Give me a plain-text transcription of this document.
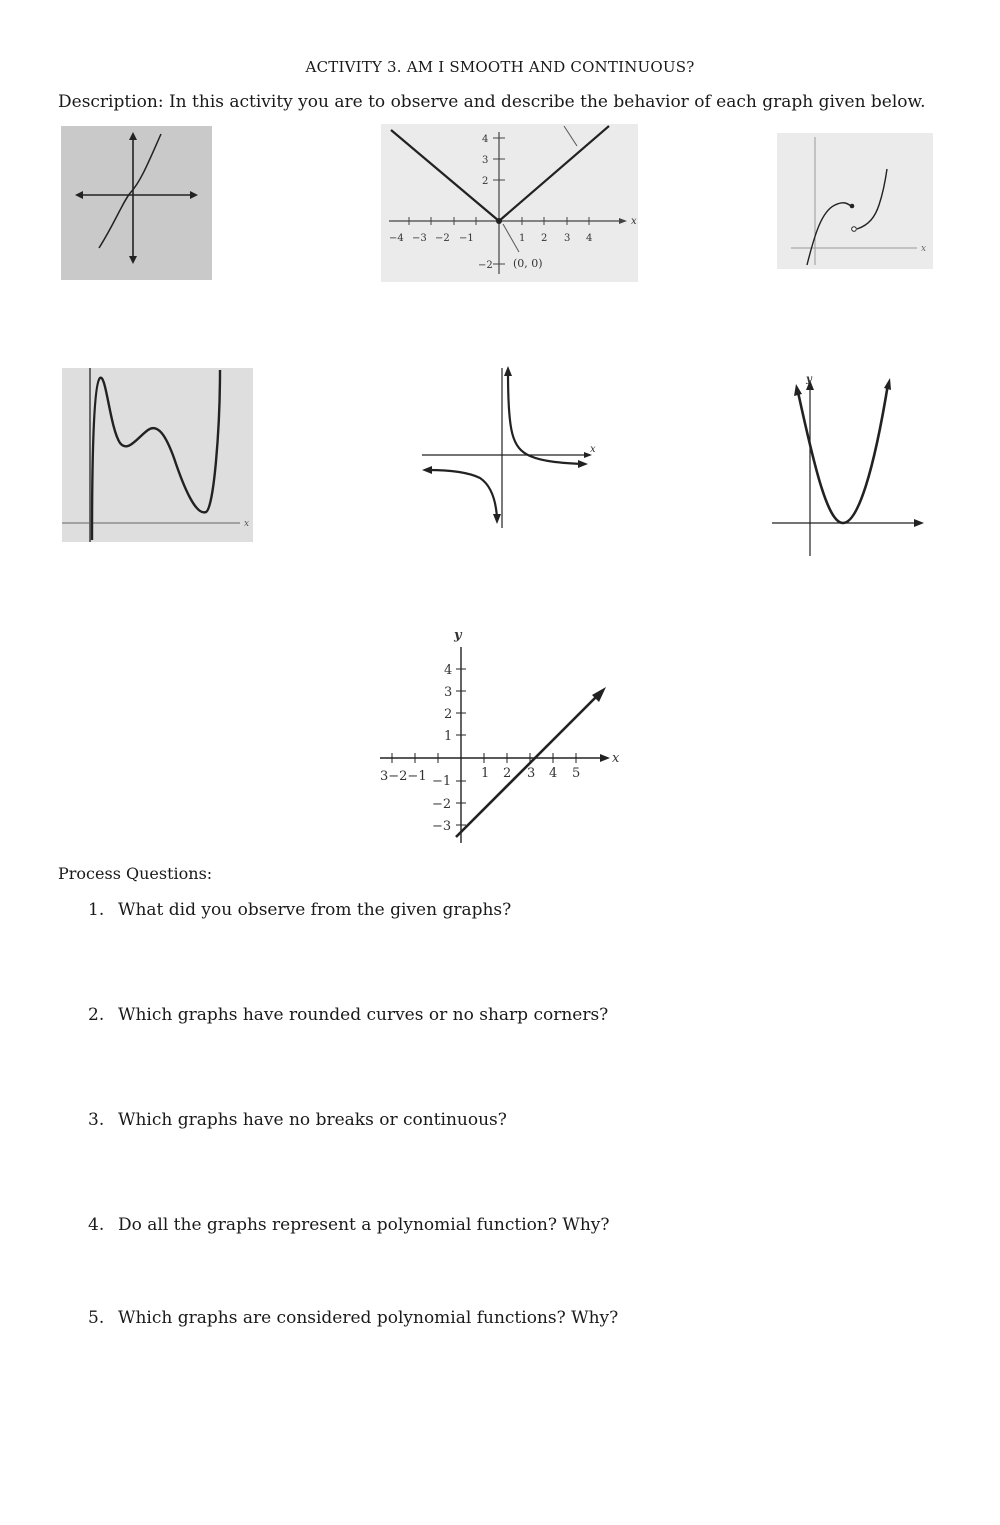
ACTIVITY 3. AM I SMOOTH AND CONTINUOUS?
Description: In this activity you are to observe and describe the behavior of each graph given below.
x
4
3
2
−2
−4 −3 −2 −1	1 2 3 4
(0, 0)
x
x
x
y
y
x
4
3
2
1
−1
−2
−3
3−2−1	1 2 3 4 5
Process Questions:
1. What did you observe from the given graphs?
2. Which graphs have rounded curves or no sharp corners?
3. Which graphs have no breaks or continuous?
4. Do all the graphs represent a polynomial function? Why?
5. Which graphs are considered polynomial functions? Why?
